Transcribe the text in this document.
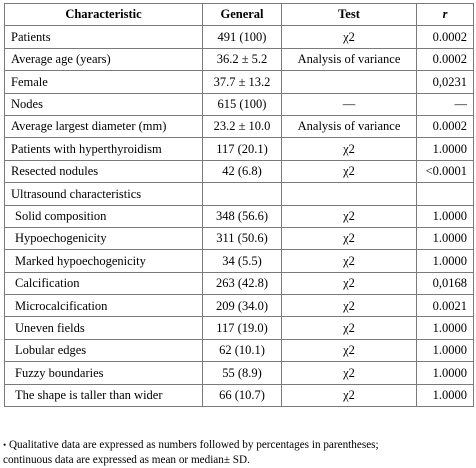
Characteristic	General	Test	r
Patients	491 (100)	χ2	0.0002
Average age (years)	36.2 ± 5.2	Analysis of variance	0.0002
Female	37.7 ± 13.2		0,0231
Nodes	615 (100)	—	—
Average largest diameter (mm)	23.2 ± 10.0	Analysis of variance	0.0002
Patients with hyperthyroidism	117 (20.1)	χ2	1.0000
Resected nodules	42 (6.8)	χ2	<0.0001
Ultrasound characteristics			
Solid composition	348 (56.6)	χ2	1.0000
Hypoechogenicity	311 (50.6)	χ2	1.0000
Marked hypoechogenicity	34 (5.5)	χ2	1.0000
Calcification	263 (42.8)	χ2	0,0168
Microcalcification	209 (34.0)	χ2	0.0021
Uneven fields	117 (19.0)	χ2	1.0000
Lobular edges	62 (10.1)	χ2	1.0000
Fuzzy boundaries	55 (8.9)	χ2	1.0000
The shape is taller than wider	66 (10.7)	χ2	1.0000
• Qualitative data are expressed as numbers followed by percentages in parentheses;
continuous data are expressed as mean or median± SD.
